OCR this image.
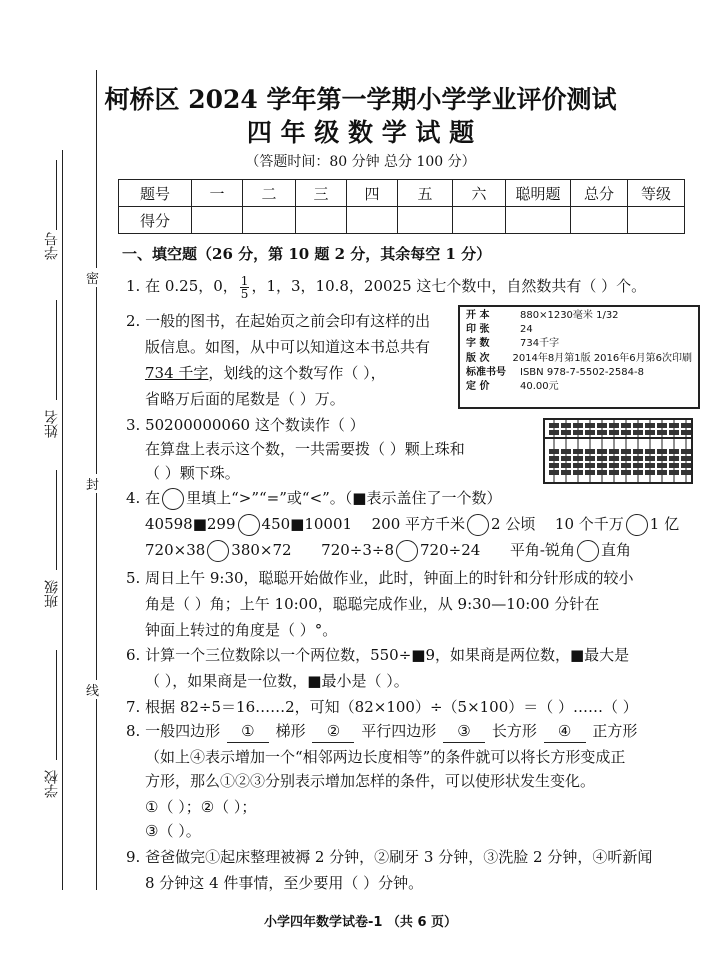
学号
姓名
班级
学校
密
封
线
柯桥区 2024 学年第一学期小学学业评价测试
四 年 级 数 学 试 题
（答题时间：80 分钟 总分 100 分）
题号	一	二	三	四	五	六	聪明题	总分	等级
得分									
一、填空题（26 分，第 10 题 2 分，其余每空 1 分）
1. 在 0.25，0， $\frac{1}{5}$ ，1，3，10.8，20025 这七个数中，自然数共有（ ）个。
2. 一般的图书，在起始页之前会印有这样的出
版信息。如图，从中可以知道这本书总共有
734 千字，划线的这个数写作（ ），
省略万后面的尾数是（ ）万。
开 本	880×1230毫米 1/32
印 张	24
字 数	734千字
版 次	2014年8月第1版 2016年6月第6次印刷
标准书号	ISBN 978-7-5502-2584-8
定 价	40.00元
3. 50200000060 这个数读作（ ）
在算盘上表示这个数，一共需要拨（ ）颗上珠和
（ ）颗下珠。
4. 在 里填上“>”“=”或“<”。（■表示盖住了一个数）
40598■299 450■10001 200 平方千米 2 公顷 10 个千万 1 亿
720×38 380×72 720÷3÷8 720÷24 平角-锐角 直角
5. 周日上午 9:30，聪聪开始做作业，此时，钟面上的时针和分针形成的较小
角是（ ）角；上午 10:00，聪聪完成作业，从 9:30—10:00 分针在
钟面上转过的角度是（ ）°。
6. 计算一个三位数除以一个两位数，550÷■9，如果商是两位数，■最大是
（ ），如果商是一位数，■最小是（ ）。
7. 根据 82÷5＝16……2，可知（82×100）÷（5×100）＝（ ）……（ ）
8. 一般四边形 ① 梯形 ② 平行四边形 ③ 长方形 ④ 正方形
（如上④表示增加一个“相邻两边长度相等”的条件就可以将长方形变成正
方形，那么①②③分别表示增加怎样的条件，可以使形状发生变化。
①（ ）；②（ ）；
③（ ）。
9. 爸爸做完①起床整理被褥 2 分钟，②刷牙 3 分钟，③洗脸 2 分钟，④听新闻
8 分钟这 4 件事情，至少要用（ ）分钟。
小学四年数学试卷-1 （共 6 页）
